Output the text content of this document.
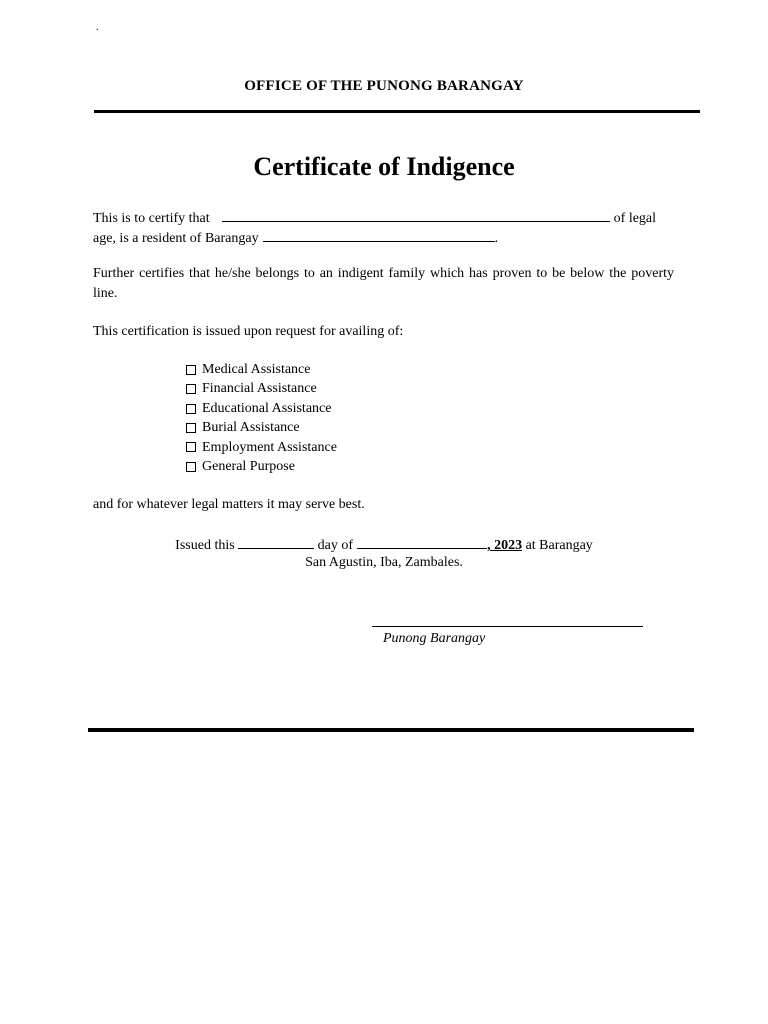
.
OFFICE OF THE PUNONG BARANGAY
Certificate of Indigence
This is to certify that	of legal
age, is a resident of Barangay	.
Further certifies that he/she belongs to an indigent family which has proven to be below the poverty line.
This certification is issued upon request for availing of:
Medical Assistance
Financial Assistance
Educational Assistance
Burial Assistance
Employment Assistance
General Purpose
and for whatever legal matters it may serve best.
Issued this	day of	, 2023 at Barangay
San Agustin, Iba, Zambales.
Punong Barangay
